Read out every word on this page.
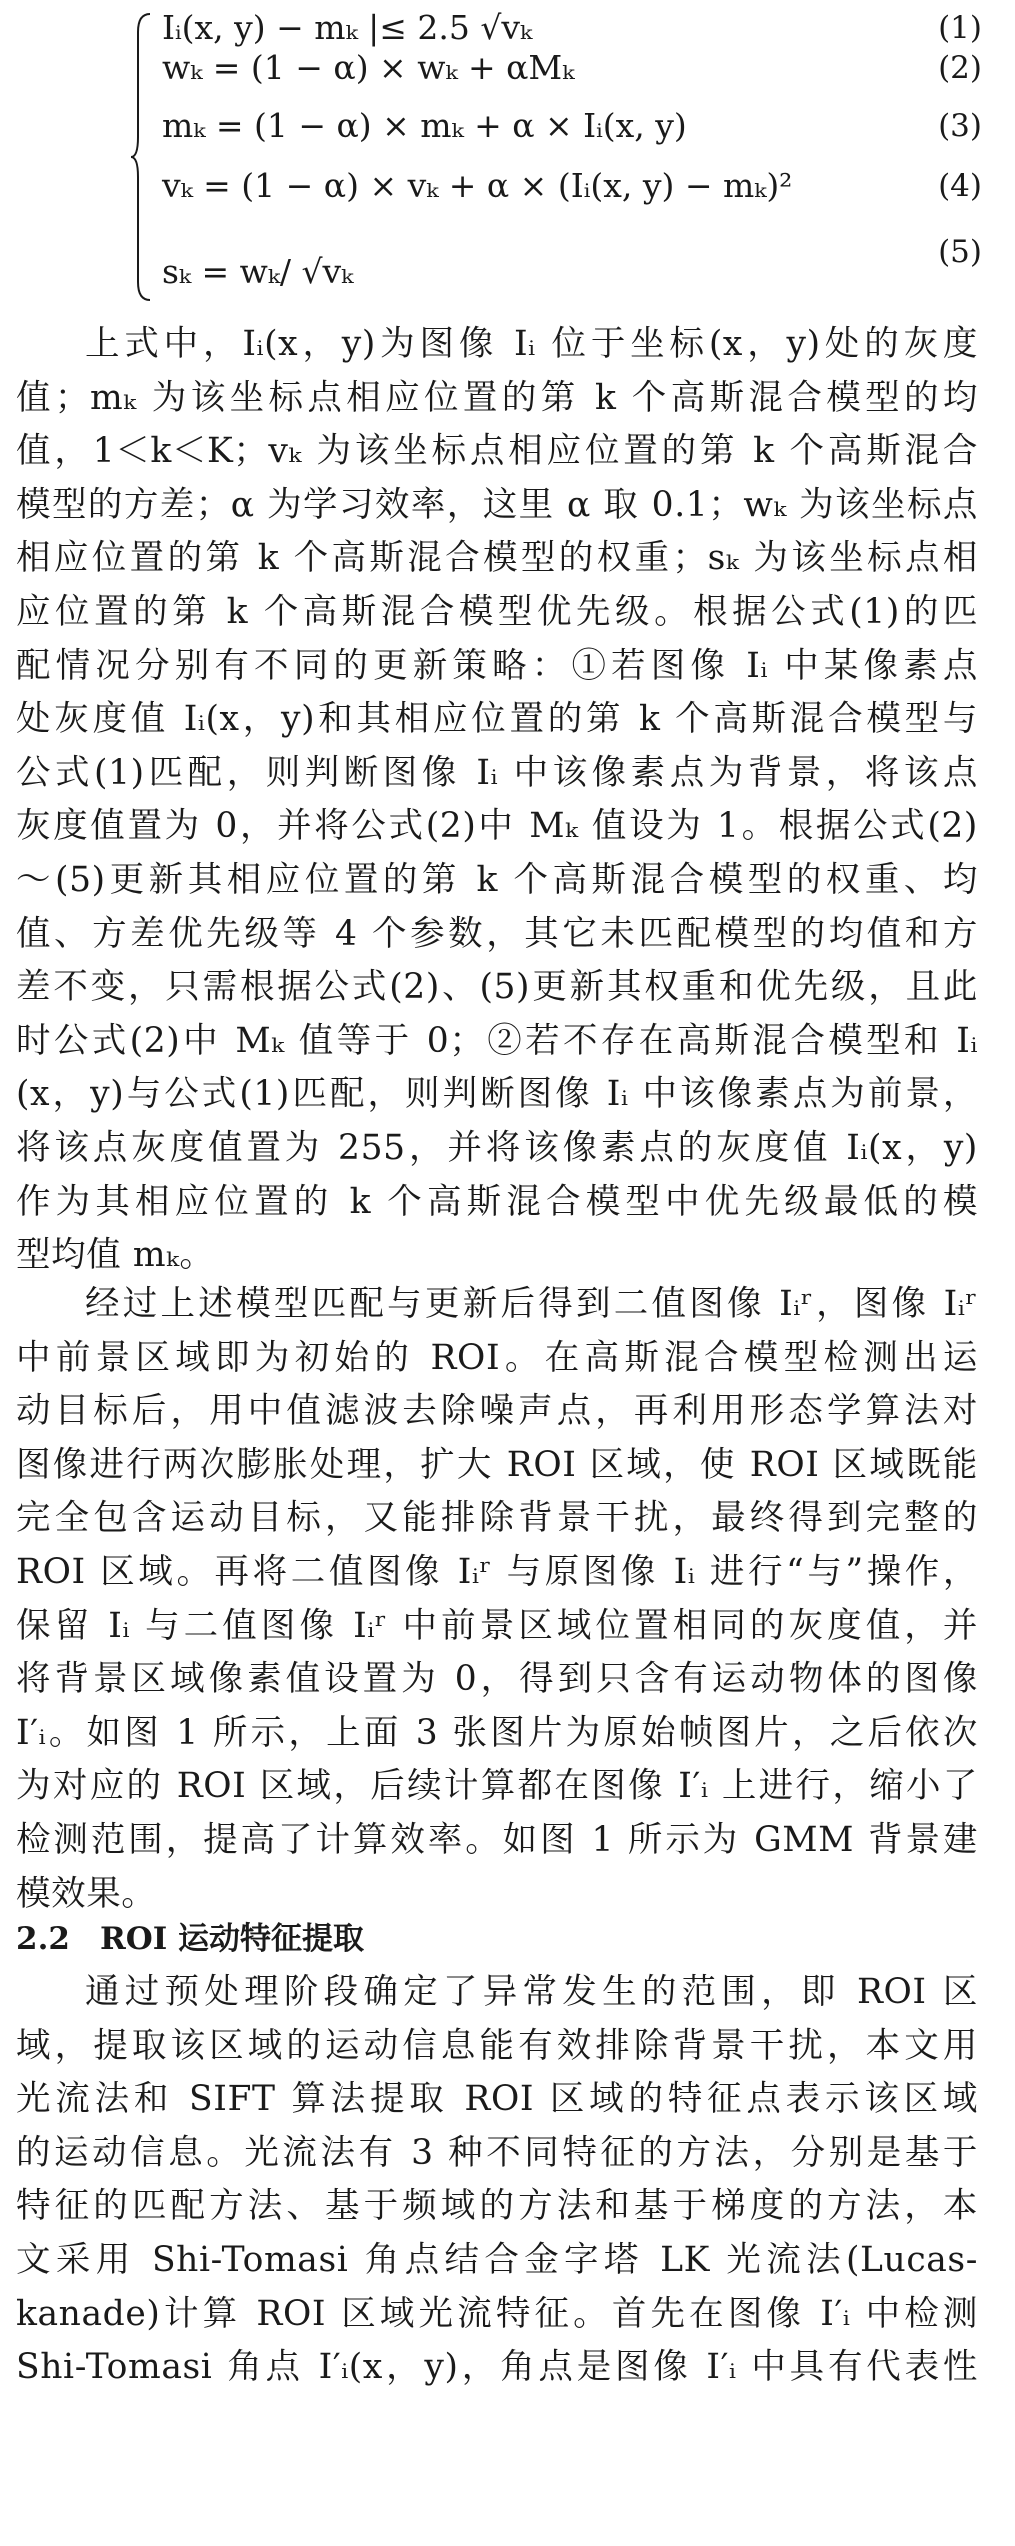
Iᵢ(x, y) − mₖ |≤ 2.5 √vₖ	(1)
wₖ = (1 − α) × wₖ + αMₖ	(2)
mₖ = (1 − α) × mₖ + α × Iᵢ(x, y)	(3)
vₖ = (1 − α) × vₖ + α × (Iᵢ(x, y) − mₖ)²	(4)
sₖ = wₖ/ √vₖ	(5)
上式中，Iᵢ(x，y)为图像 Iᵢ 位于坐标(x，y)处的灰度
值；mₖ 为该坐标点相应位置的第 k 个高斯混合模型的均
值，1＜k＜K；vₖ 为该坐标点相应位置的第 k 个高斯混合
模型的方差；α 为学习效率，这里 α 取 0.1；wₖ 为该坐标点
相应位置的第 k 个高斯混合模型的权重；sₖ 为该坐标点相
应位置的第 k 个高斯混合模型优先级。根据公式(1)的匹
配情况分别有不同的更新策略：①若图像 Iᵢ 中某像素点
处灰度值 Iᵢ(x，y)和其相应位置的第 k 个高斯混合模型与
公式(1)匹配，则判断图像 Iᵢ 中该像素点为背景，将该点
灰度值置为 0，并将公式(2)中 Mₖ 值设为 1。根据公式(2)
～(5)更新其相应位置的第 k 个高斯混合模型的权重、均
值、方差优先级等 4 个参数，其它未匹配模型的均值和方
差不变，只需根据公式(2)、(5)更新其权重和优先级，且此
时公式(2)中 Mₖ 值等于 0；②若不存在高斯混合模型和 Iᵢ
(x，y)与公式(1)匹配，则判断图像 Iᵢ 中该像素点为前景，
将该点灰度值置为 255，并将该像素点的灰度值 Iᵢ(x，y)
作为其相应位置的 k 个高斯混合模型中优先级最低的模
型均值 mₖ。
经过上述模型匹配与更新后得到二值图像 Iᵢʳ，图像 Iᵢʳ
中前景区域即为初始的 ROI。在高斯混合模型检测出运
动目标后，用中值滤波去除噪声点，再利用形态学算法对
图像进行两次膨胀处理，扩大 ROI 区域，使 ROI 区域既能
完全包含运动目标，又能排除背景干扰，最终得到完整的
ROI 区域。再将二值图像 Iᵢʳ 与原图像 Iᵢ 进行“与”操作，
保留 Iᵢ 与二值图像 Iᵢʳ 中前景区域位置相同的灰度值，并
将背景区域像素值设置为 0，得到只含有运动物体的图像
I′ᵢ。如图 1 所示，上面 3 张图片为原始帧图片，之后依次
为对应的 ROI 区域，后续计算都在图像 I′ᵢ 上进行，缩小了
检测范围，提高了计算效率。如图 1 所示为 GMM 背景建
模效果。
2.2 ROI 运动特征提取
通过预处理阶段确定了异常发生的范围，即 ROI 区
域，提取该区域的运动信息能有效排除背景干扰，本文用
光流法和 SIFT 算法提取 ROI 区域的特征点表示该区域
的运动信息。光流法有 3 种不同特征的方法，分别是基于
特征的匹配方法、基于频域的方法和基于梯度的方法，本
文采用 Shi-Tomasi 角点结合金字塔 LK 光流法(Lucas-
kanade)计算 ROI 区域光流特征。首先在图像 I′ᵢ 中检测
Shi-Tomasi 角点 I′ᵢ(x，y)，角点是图像 I′ᵢ 中具有代表性
